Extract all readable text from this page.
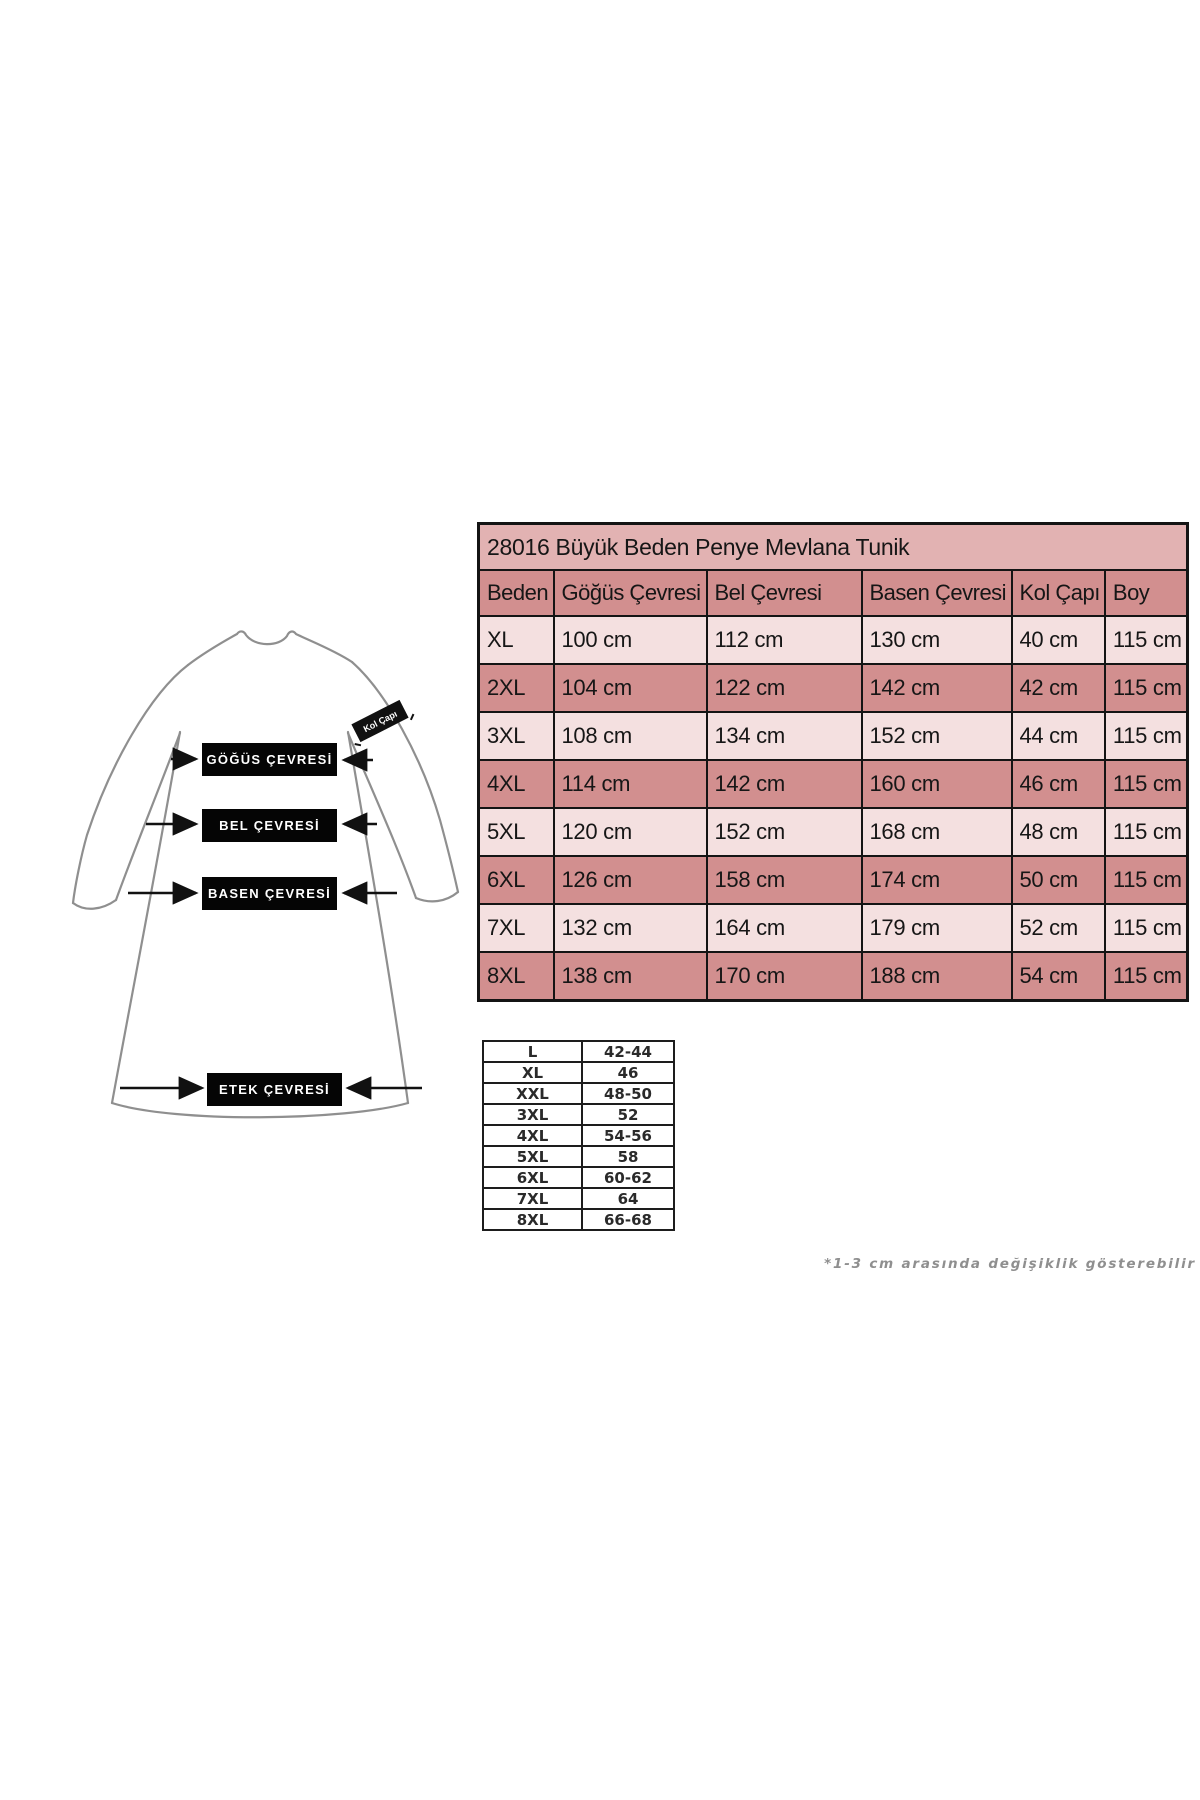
Kol Çapı
GÖĞÜS ÇEVRESİ
BEL ÇEVRESİ
BASEN ÇEVRESİ
ETEK ÇEVRESİ
28016 Büyük Beden Penye Mevlana Tunik					
Beden	Göğüs Çevresi	Bel Çevresi	Basen Çevresi	Kol Çapı	Boy
XL	100 cm	112 cm	130 cm	40 cm	115 cm
2XL	104 cm	122 cm	142 cm	42 cm	115 cm
3XL	108 cm	134 cm	152 cm	44 cm	115 cm
4XL	114 cm	142 cm	160 cm	46 cm	115 cm
5XL	120 cm	152 cm	168 cm	48 cm	115 cm
6XL	126 cm	158 cm	174 cm	50 cm	115 cm
7XL	132 cm	164 cm	179 cm	52 cm	115 cm
8XL	138 cm	170 cm	188 cm	54 cm	115 cm
L	42-44
XL	46
XXL	48-50
3XL	52
4XL	54-56
5XL	58
6XL	60-62
7XL	64
8XL	66-68
*1-3 cm arasında değişiklik gösterebilir
